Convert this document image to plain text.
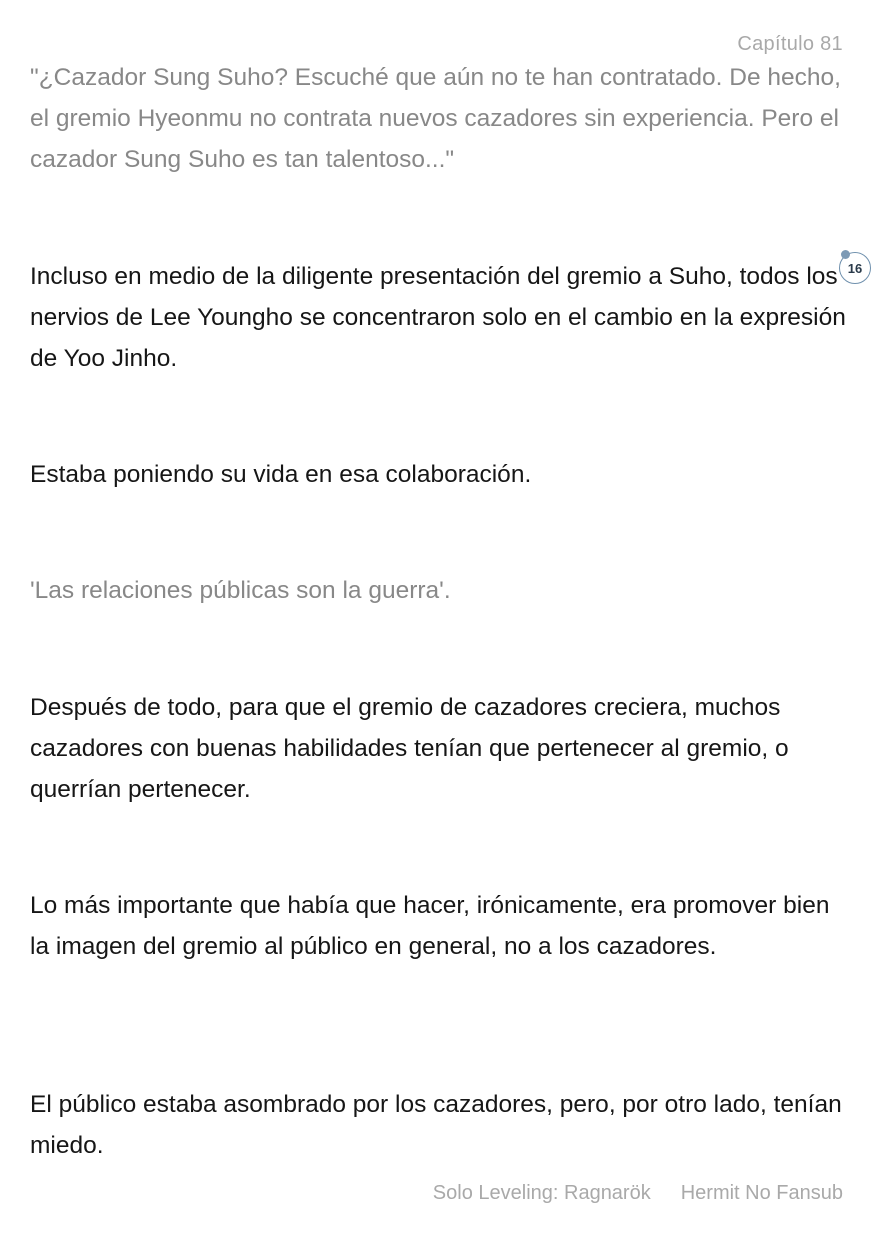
Capítulo 81

"¿Cazador Sung Suho? Escuché que aún no te han contratado. De hecho, el gremio Hyeonmu no contrata nuevos cazadores sin experiencia. Pero el cazador Sung Suho es tan talentoso..."

Incluso en medio de la diligente presentación del gremio a Suho, todos los nervios de Lee Youngho se concentraron solo en el cambio en la expresión de Yoo Jinho.

Estaba poniendo su vida en esa colaboración.

'Las relaciones públicas son la guerra'.

Después de todo, para que el gremio de cazadores creciera, muchos cazadores con buenas habilidades tenían que pertenecer al gremio, o querrían pertenecer.

Lo más importante que había que hacer, irónicamente, era promover bien la imagen del gremio al público en general, no a los cazadores.

El público estaba asombrado por los cazadores, pero, por otro lado, tenían miedo.

16
Solo Leveling: Ragnarök Hermit No Fansub
